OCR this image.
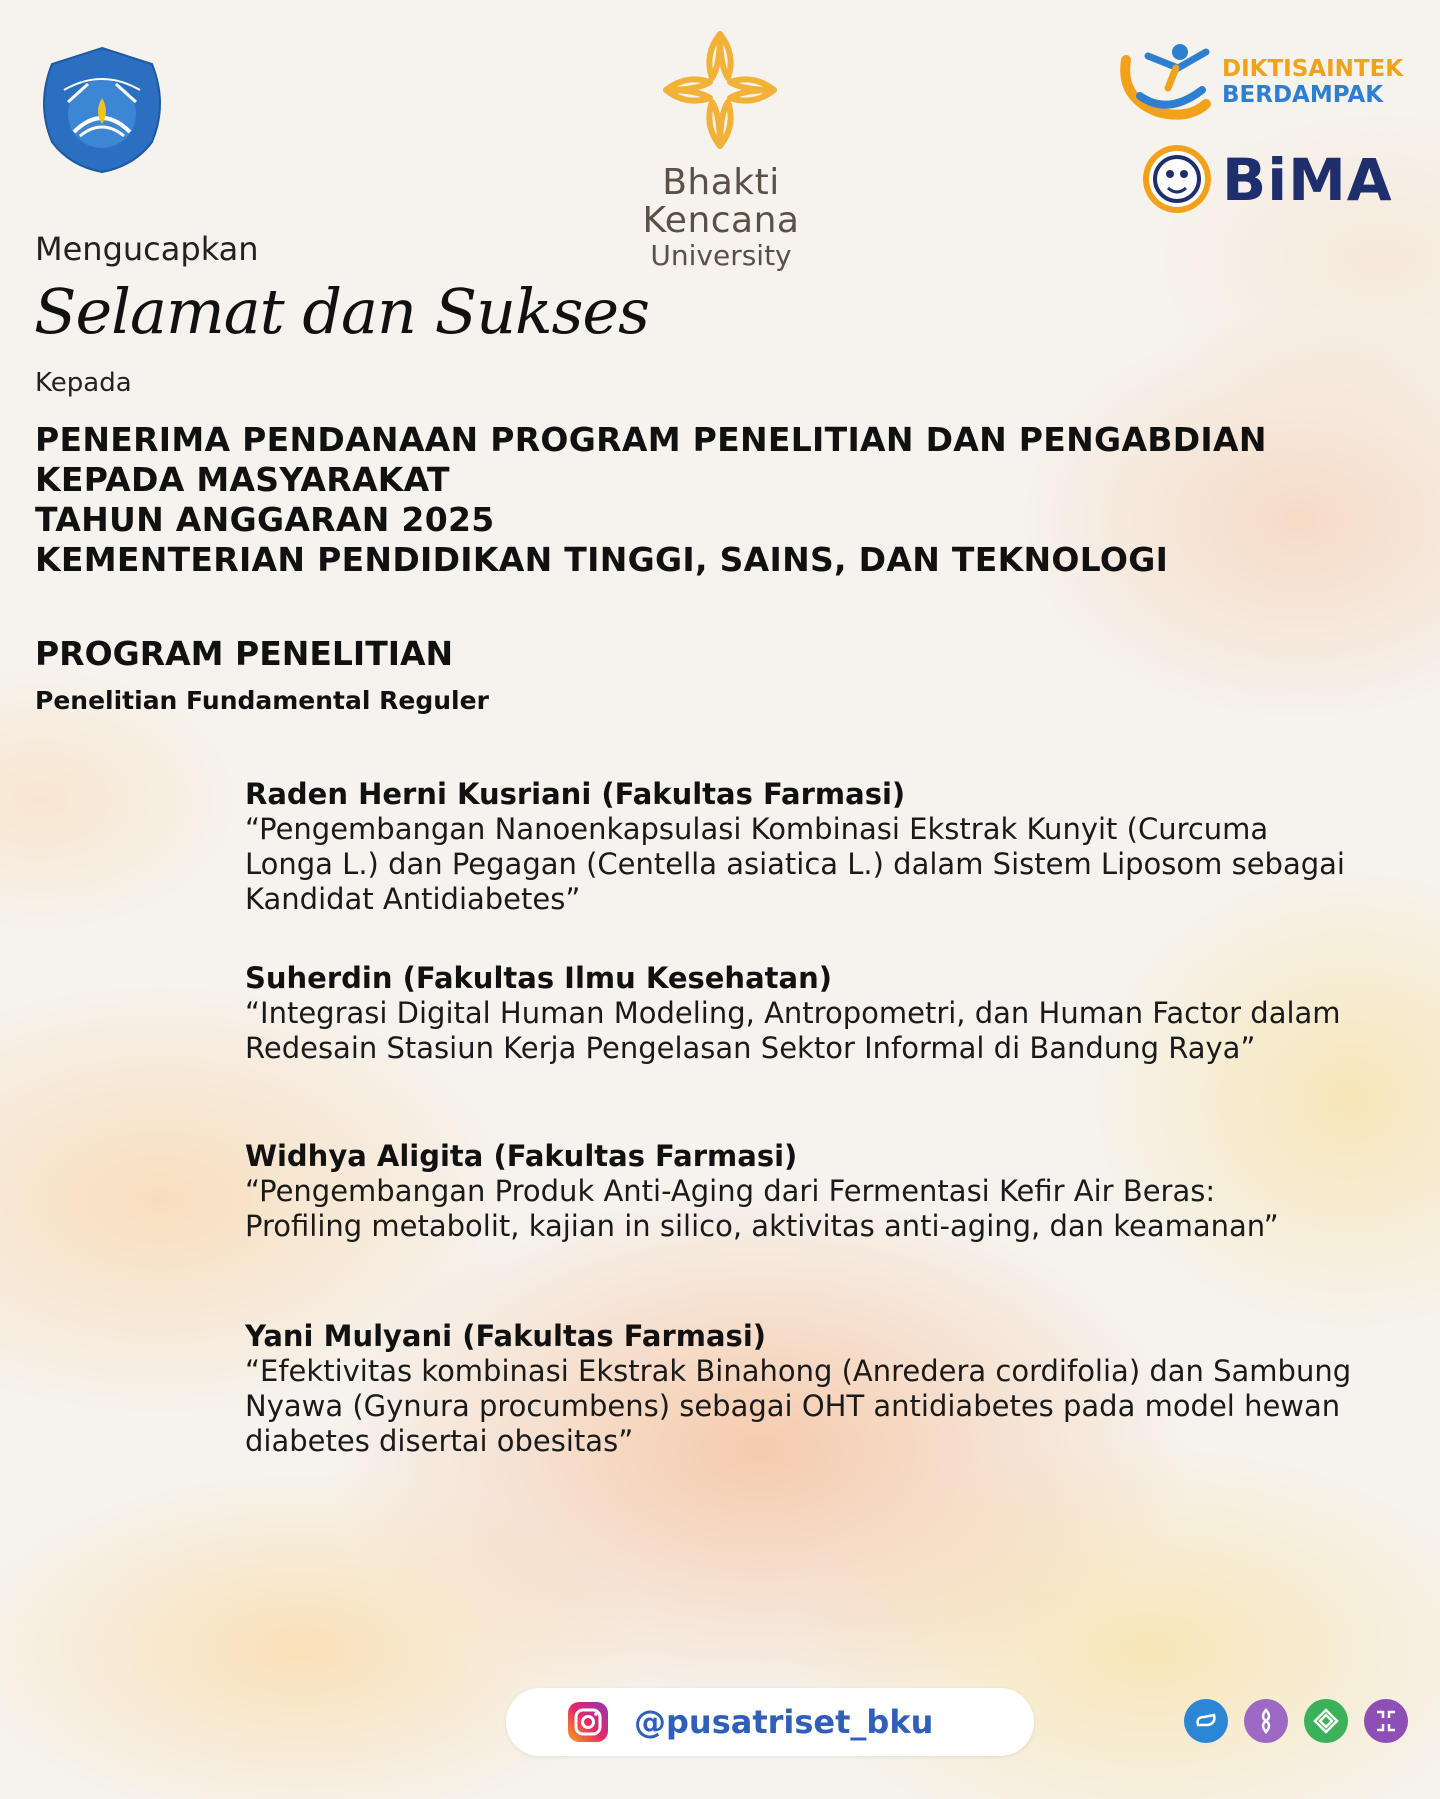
Bhakti Kencana
University
DIKTISAINTEK
BERDAMPAK
BiMA
Mengucapkan
Selamat dan Sukses
Kepada
PENERIMA PENDANAAN PROGRAM PENELITIAN DAN PENGABDIAN
KEPADA MASYARAKAT
TAHUN ANGGARAN 2025
KEMENTERIAN PENDIDIKAN TINGGI, SAINS, DAN TEKNOLOGI
PROGRAM PENELITIAN
Penelitian Fundamental Reguler
Raden Herni Kusriani (Fakultas Farmasi)
“Pengembangan Nanoenkapsulasi Kombinasi Ekstrak Kunyit (Curcuma
Longa L.) dan Pegagan (Centella asiatica L.) dalam Sistem Liposom sebagai
Kandidat Antidiabetes”
Suherdin (Fakultas Ilmu Kesehatan)
“Integrasi Digital Human Modeling, Antropometri, dan Human Factor dalam
Redesain Stasiun Kerja Pengelasan Sektor Informal di Bandung Raya”
Widhya Aligita (Fakultas Farmasi)
“Pengembangan Produk Anti-Aging dari Fermentasi Kefir Air Beras:
Profiling metabolit, kajian in silico, aktivitas anti-aging, dan keamanan”
Yani Mulyani (Fakultas Farmasi)
“Efektivitas kombinasi Ekstrak Binahong (Anredera cordifolia) dan Sambung
Nyawa (Gynura procumbens) sebagai OHT antidiabetes pada model hewan
diabetes disertai obesitas”
@pusatriset_bku
